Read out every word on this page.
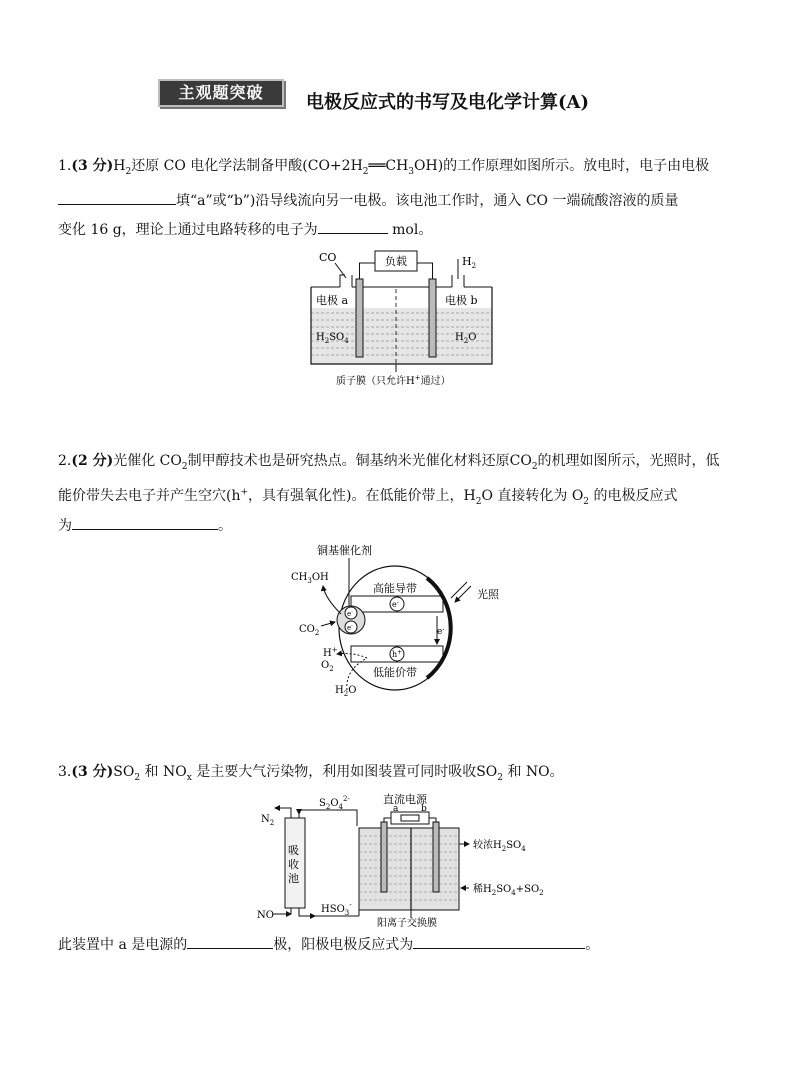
主观题突破	电极反应式的书写及电化学计算(A)
1.(3 分)$H_2$还原 CO 电化学法制备甲酸$(CO+2H_2══CH_3OH)$的工作原理如图所示。放电时，电子由电极
填“a”或“b”)沿导线流向另一电极。该电池工作时，通入 CO 一端硫酸溶液的质量
变化 16 g，理论上通过电路转移的电子为	mol。
负载
CO	$H_2$
电极 a	电极 b
$H_2SO_4$	$H_2O$
质子膜（只允许H+通过）
2.(2 分)光催化 $CO_2$制甲醇技术也是研究热点。铜基纳米光催化材料还原$CO_2$的机理如图所示，光照时，低
能价带失去电子并产生空穴(h+，具有强氧化性)。在低能价带上，$H_2O$ 直接转化为 $O_2$ 的电极反应式
为	。
铜基催化剂
高能导带
低能价带
e-
h+
e-
e-
e-
$CH_3OH$
$CO_2$
H+
$O_2$
$H_2O$
光照
3.(3 分)$SO_2$ 和 $NO_x$ 是主要大气污染物，利用如图装置可同时吸收$SO_2$ 和 NO。
吸
收
池
$N_2$
NO
$S_2O_4^{2-}$
$HSO_3^-$
直流电源
a	b
较浓$H_2SO_4$
稀$H_2SO_4+SO_2$
阳离子交换膜
此装置中 a 是电源的	极，阳极电极反应式为	。
